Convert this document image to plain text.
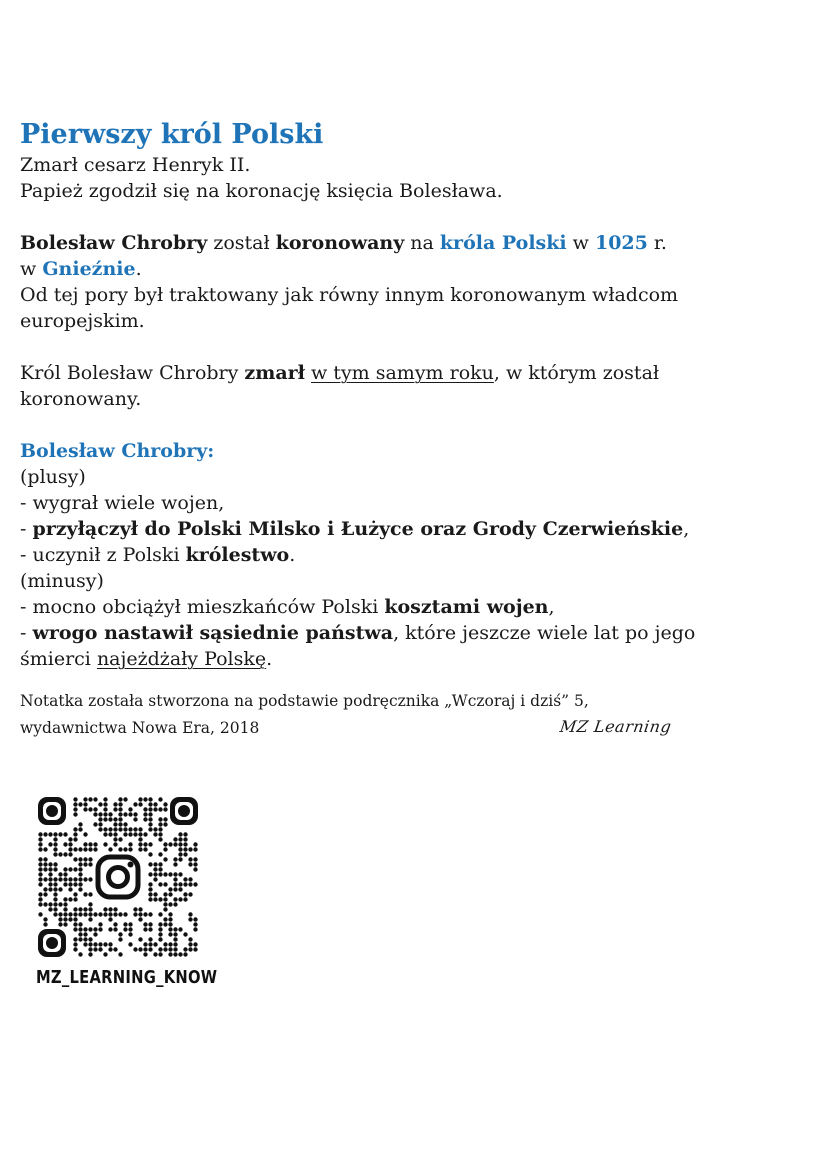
Pierwszy król Polski

Zmarł cesarz Henryk II.

Papież zgodził się na koronację księcia Bolesława.

Bolesław Chrobry został koronowany na króla Polski w 1025 r.

w Gnieźnie.

Od tej pory był traktowany jak równy innym koronowanym władcom

europejskim.

Król Bolesław Chrobry zmarł w tym samym roku, w którym został

koronowany.

Bolesław Chrobry:

(plusy)

- wygrał wiele wojen,

- przyłączył do Polski Milsko i Łużyce oraz Grody Czerwieńskie,

- uczynił z Polski królestwo.

(minusy)

- mocno obciążył mieszkańców Polski kosztami wojen,

- wrogo nastawił sąsiednie państwa, które jeszcze wiele lat po jego

śmierci najeżdżały Polskę.

Notatka została stworzona na podstawie podręcznika „Wczoraj i dziś” 5,
wydawnictwa Nowa Era, 2018	MZ Learning
MZ_LEARNING_KNOW
